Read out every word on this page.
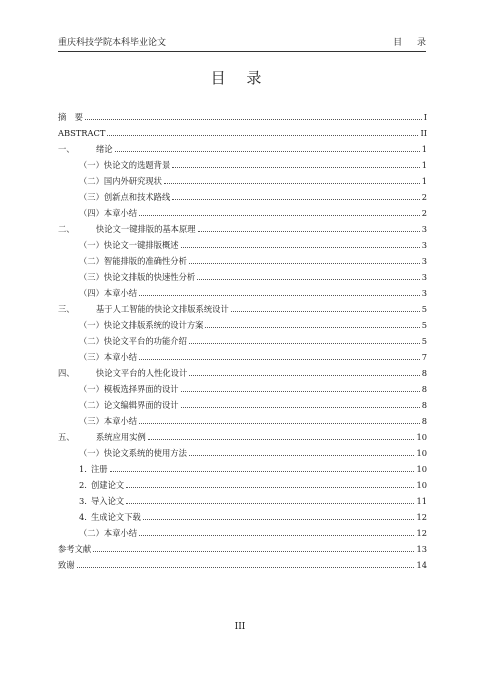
重庆科技学院本科毕业论文	目 录
目 录
摘　要	I
ABSTRACT	II
一、	绪论	1
（一）快论文的选题背景	1
（二）国内外研究现状	1
（三）创新点和技术路线	2
（四）本章小结	2
二、	快论文一键排版的基本原理	3
（一）快论文一键排版概述	3
（二）智能排版的准确性分析	3
（三）快论文排版的快速性分析	3
（四）本章小结	3
三、	基于人工智能的快论文排版系统设计	5
（一）快论文排版系统的设计方案	5
（二）快论文平台的功能介绍	5
（三）本章小结	7
四、	快论文平台的人性化设计	8
（一）模板选择界面的设计	8
（二）论文编辑界面的设计	8
（三）本章小结	8
五、	系统应用实例	10
（一）快论文系统的使用方法	10
1. 注册	10
2. 创建论文	10
3. 导入论文	11
4. 生成论文下载	12
（二）本章小结	12
参考文献	13
致谢	14
III
